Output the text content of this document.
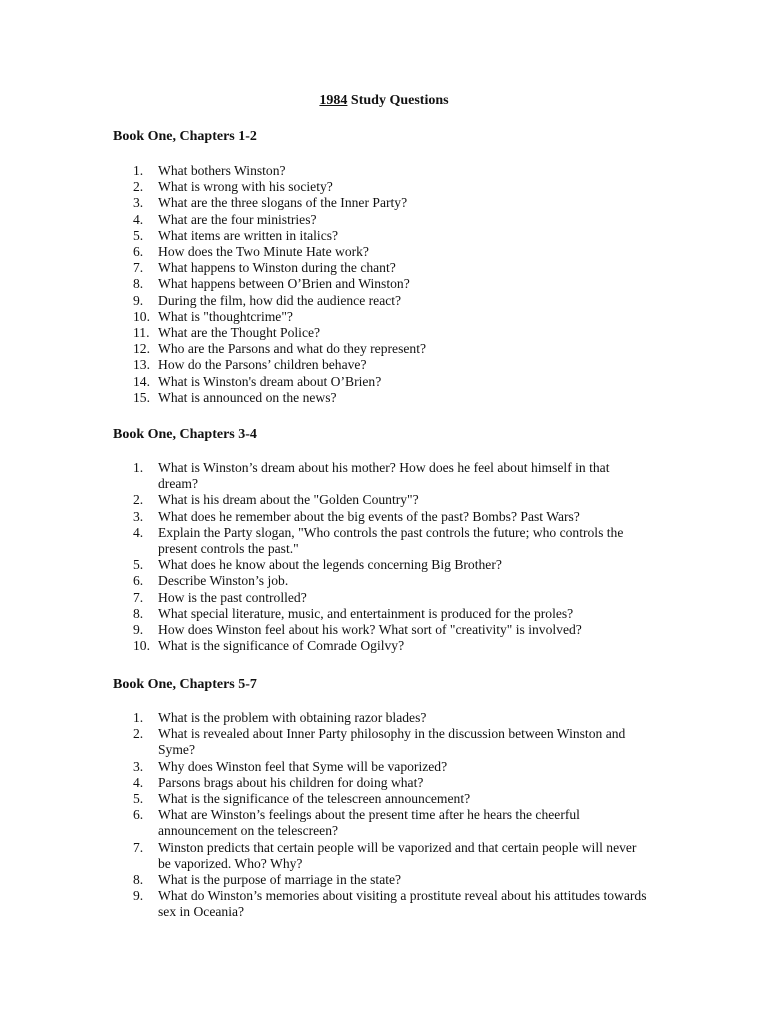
1984 Study Questions
Book One, Chapters 1-2
1. What bothers Winston?
2. What is wrong with his society?
3. What are the three slogans of the Inner Party?
4. What are the four ministries?
5. What items are written in italics?
6. How does the Two Minute Hate work?
7. What happens to Winston during the chant?
8. What happens between O’Brien and Winston?
9. During the film, how did the audience react?
10. What is "thoughtcrime"?
11. What are the Thought Police?
12. Who are the Parsons and what do they represent?
13. How do the Parsons’ children behave?
14. What is Winston's dream about O’Brien?
15. What is announced on the news?
Book One, Chapters 3-4
1. What is Winston’s dream about his mother? How does he feel about himself in that dream?
2. What is his dream about the "Golden Country"?
3. What does he remember about the big events of the past? Bombs? Past Wars?
4. Explain the Party slogan, "Who controls the past controls the future; who controls the present controls the past."
5. What does he know about the legends concerning Big Brother?
6. Describe Winston’s job.
7. How is the past controlled?
8. What special literature, music, and entertainment is produced for the proles?
9. How does Winston feel about his work? What sort of "creativity" is involved?
10. What is the significance of Comrade Ogilvy?
Book One, Chapters 5-7
1. What is the problem with obtaining razor blades?
2. What is revealed about Inner Party philosophy in the discussion between Winston and Syme?
3. Why does Winston feel that Syme will be vaporized?
4. Parsons brags about his children for doing what?
5. What is the significance of the telescreen announcement?
6. What are Winston’s feelings about the present time after he hears the cheerful announcement on the telescreen?
7. Winston predicts that certain people will be vaporized and that certain people will never be vaporized. Who? Why?
8. What is the purpose of marriage in the state?
9. What do Winston’s memories about visiting a prostitute reveal about his attitudes towards sex in Oceania?
